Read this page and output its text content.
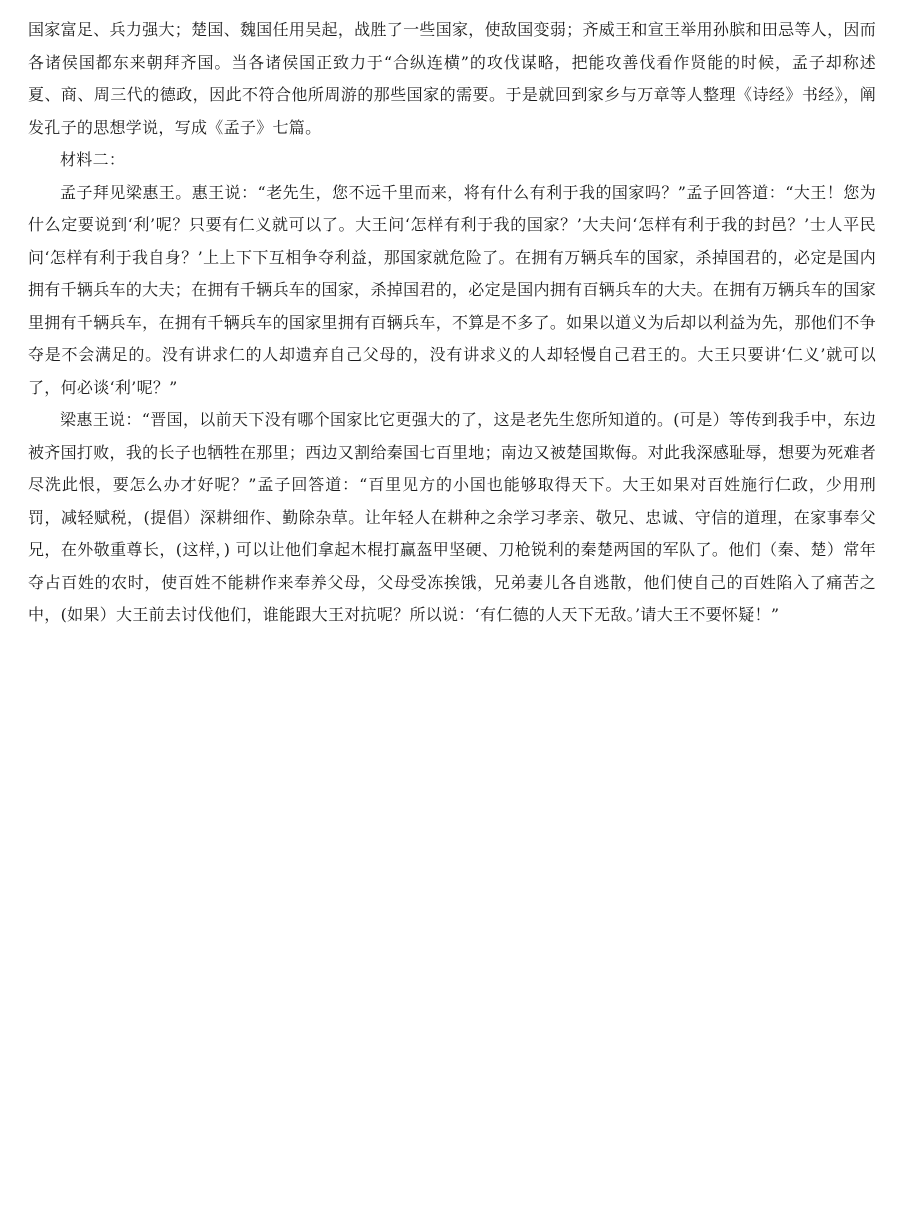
国家富足、兵力强大；楚国、魏国任用吴起，战胜了一些国家，使敌国变弱；齐威王和宣王举用孙膑和田忌等人，因而各诸侯国都东来朝拜齐国。当各诸侯国正致力于“合纵连横”的攻伐谋略，把能攻善伐看作贤能的时候，孟子却称述夏、商、周三代的德政，因此不符合他所周游的那些国家的需要。于是就回到家乡与万章等人整理《诗经》书经》，阐发孔子的思想学说，写成《孟子》七篇。

材料二：

孟子拜见梁惠王。惠王说：“老先生，您不远千里而来，将有什么有利于我的国家吗？”孟子回答道：“大王！您为什么定要说到‘利’呢？只要有仁义就可以了。大王问‘怎样有利于我的国家？’大夫问‘怎样有利于我的封邑？’士人平民问‘怎样有利于我自身？’上上下下互相争夺利益，那国家就危险了。在拥有万辆兵车的国家，杀掉国君的，必定是国内拥有千辆兵车的大夫；在拥有千辆兵车的国家，杀掉国君的，必定是国内拥有百辆兵车的大夫。在拥有万辆兵车的国家里拥有千辆兵车，在拥有千辆兵车的国家里拥有百辆兵车，不算是不多了。如果以道义为后却以利益为先，那他们不争夺是不会满足的。没有讲求仁的人却遗弃自己父母的，没有讲求义的人却轻慢自己君王的。大王只要讲‘仁义’就可以了，何必谈‘利’呢？”

梁惠王说：“晋国，以前天下没有哪个国家比它更强大的了，这是老先生您所知道的。(可是）等传到我手中，东边被齐国打败，我的长子也牺牲在那里；西边又割给秦国七百里地；南边又被楚国欺侮。对此我深感耻辱，想要为死难者尽洗此恨，要怎么办才好呢？”孟子回答道：“百里见方的小国也能够取得天下。大王如果对百姓施行仁政，少用刑罚，减轻赋税，(提倡）深耕细作、勤除杂草。让年轻人在耕种之余学习孝亲、敬兄、忠诚、守信的道理，在家事奉父兄，在外敬重尊长，(这样，) 可以让他们拿起木棍打赢盔甲坚硬、刀枪锐利的秦楚两国的军队了。他们（秦、楚）常年夺占百姓的农时，使百姓不能耕作来奉养父母，父母受冻挨饿，兄弟妻儿各自逃散，他们使自己的百姓陷入了痛苦之中，(如果）大王前去讨伐他们，谁能跟大王对抗呢？所以说：‘有仁德的人天下无敌。’请大王不要怀疑！”
